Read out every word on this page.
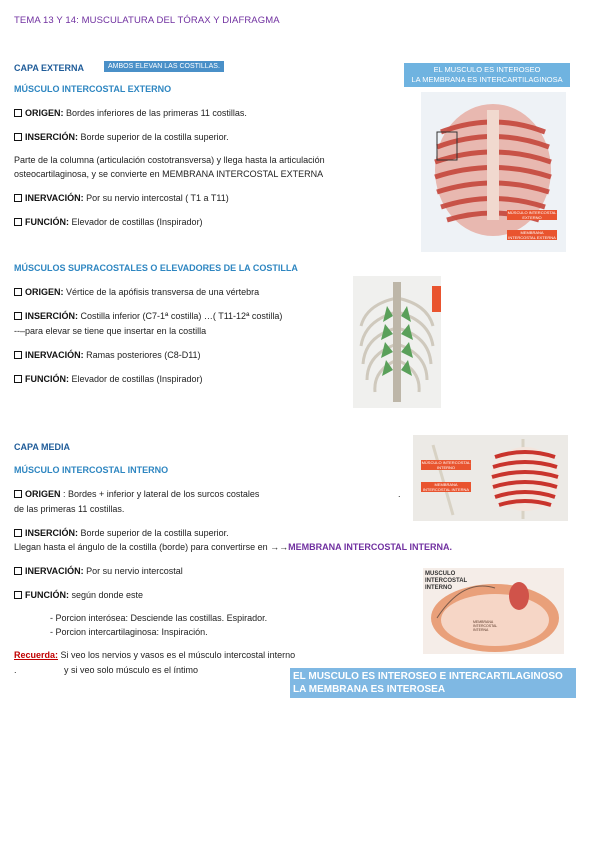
TEMA 13 Y 14: MUSCULATURA DEL TÓRAX Y DIAFRAGMA
CAPA EXTERNA	AMBOS ELEVAN LAS COSTILLAS.	EL MUSCULO ES INTEROSEO
LA MEMBRANA ES INTERCARTILAGINOSA
MÚSCULO INTERCOSTAL EXTERNO
ORIGEN: Bordes inferiores de las primeras 11 costillas.
INSERCIÓN: Borde superior de la costilla superior.
Parte de la columna (articulación costotransversa) y llega hasta la articulación
osteocartilaginosa, y se convierte en MEMBRANA INTERCOSTAL EXTERNA
INERVACIÓN: Por su nervio intercostal ( T1 a T11)
FUNCIÓN: Elevador de costillas (Inspirador)
MÚSCULO INTERCOSTAL EXTERNO
MEMBRANA INTERCOSTAL EXTERNA
MÚSCULOS SUPRACOSTALES O ELEVADORES DE LA COSTILLA
ORIGEN: Vértice de la apófisis transversa de una vértebra
INSERCIÓN: Costilla inferior (C7-1ª costilla) …( T11-12ª costilla)
--–para elevar se tiene que insertar en la costilla
INERVACIÓN: Ramas posteriores (C8-D11)
FUNCIÓN: Elevador de costillas (Inspirador)
CAPA MEDIA
MÚSCULO INTERCOSTAL INTERNO
ORIGEN : Bordes + inferior y lateral de los surcos costales	.
de las primeras 11 costillas.
INSERCIÓN: Borde superior de la costilla superior.
Llegan hasta el ángulo de la costilla (borde) para convertirse en →→MEMBRANA INTERCOSTAL INTERNA.
INERVACIÓN: Por su nervio intercostal
FUNCIÓN: según donde este
- Porcion interósea: Desciende las costillas. Espirador.
- Porcion intercartilaginosa: Inspiración.
Recuerda: Si veo los nervios y vasos es el músculo intercostal interno
.	y si veo solo músculo es el íntimo
MÚSCULO INTERCOSTAL INTERNO
MEMBRANA INTERCOSTAL INTERNA
MUSCULO INTERCOSTAL INTERNO
MEMBRANA INTERCOSTAL INTERNA
EL MUSCULO ES INTEROSEO E INTERCARTILAGINOSO
LA MEMBRANA ES INTEROSEA
